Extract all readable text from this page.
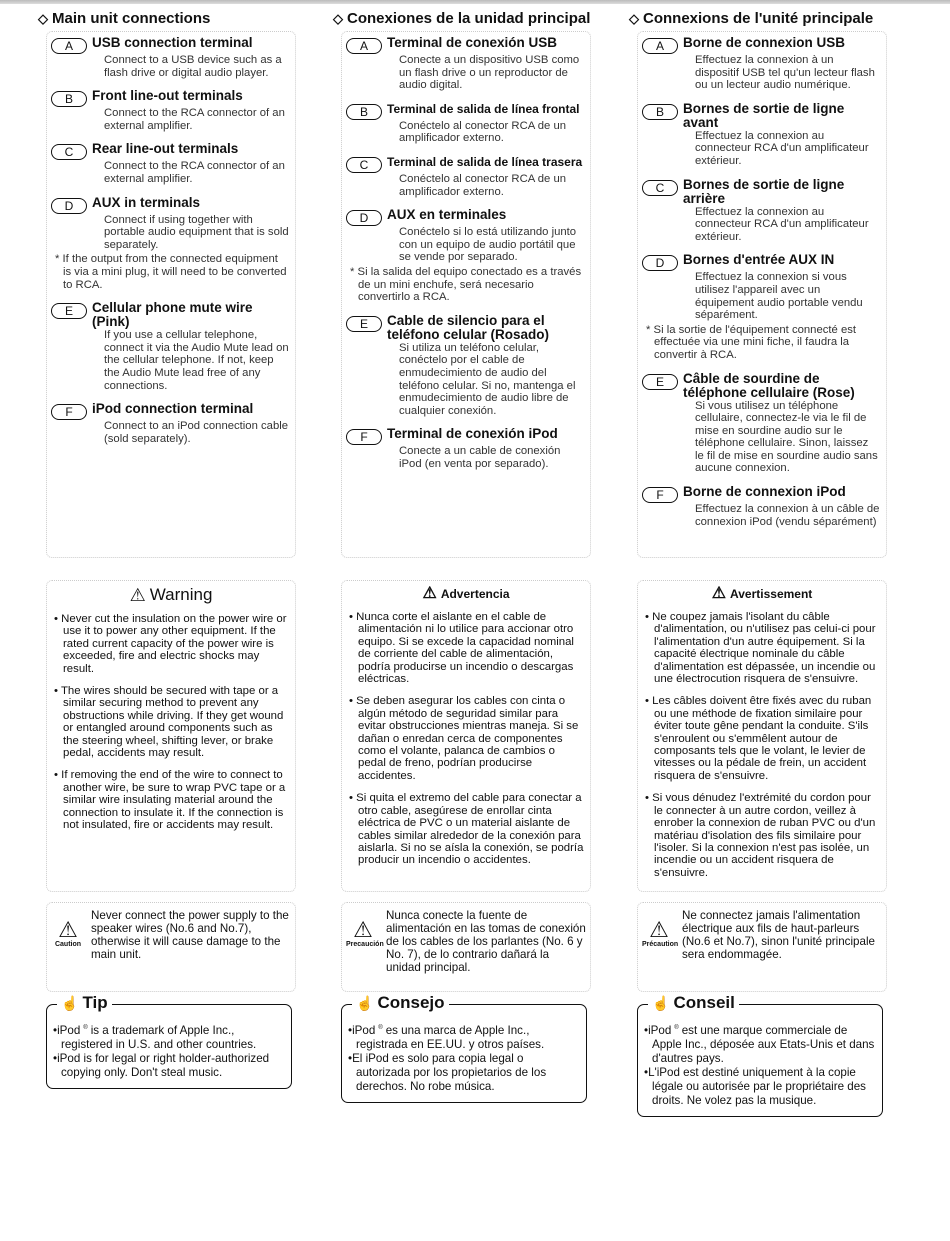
◇ Main unit connections
A	USB connection terminal
Connect to a USB device such as a flash drive or digital audio player.
B	Front line-out terminals
Connect to the RCA connector of an external amplifier.
C	Rear line-out terminals
Connect to the RCA connector of an external amplifier.
D	AUX in terminals
Connect if using together with portable audio equipment that is sold separately.
* If the output from the connected equipment is via a mini plug, it will need to be converted to RCA.
E	Cellular phone mute wire (Pink)
If you use a cellular telephone, connect it via the Audio Mute lead on the cellular telephone. If not, keep the Audio Mute lead free of any connections.
F	iPod connection terminal
Connect to an iPod connection cable (sold separately).
⚠ Warning
• Never cut the insulation on the power wire or use it to power any other equipment. If the rated current capacity of the power wire is exceeded, fire and electric shocks may result.
• The wires should be secured with tape or a similar securing method to prevent any obstructions while driving. If they get wound or entangled around components such as the steering wheel, shifting lever, or brake pedal, accidents may result.
• If removing the end of the wire to connect to another wire, be sure to wrap PVC tape or a similar wire insulating material around the connection to insulate it. If the connection is not insulated, fire or accidents may result.
⚠
Caution
Never connect the power supply to the speaker wires (No.6 and No.7), otherwise it will cause damage to the main unit.
☝ Tip
•iPod ® is a trademark of Apple Inc., registered in U.S. and other countries.
•iPod is for legal or right holder-authorized copying only. Don't steal music.
◇ Conexiones de la unidad principal
A	Terminal de conexión USB
Conecte a un dispositivo USB como un flash drive o un reproductor de audio digital.
B	Terminal de salida de línea frontal
Conéctelo al conector RCA de un amplificador externo.
C	Terminal de salida de línea trasera
Conéctelo al conector RCA de un amplificador externo.
D	AUX en terminales
Conéctelo si lo está utilizando junto con un equipo de audio portátil que se vende por separado.
* Si la salida del equipo conectado es a través de un mini enchufe, será necesario convertirlo a RCA.
E	Cable de silencio para el teléfono celular (Rosado)
Si utiliza un teléfono celular, conéctelo por el cable de enmudecimiento de audio del teléfono celular. Si no, mantenga el enmudecimiento de audio libre de cualquier conexión.
F	Terminal de conexión iPod
Conecte a un cable de conexión iPod (en venta por separado).
⚠ Advertencia
• Nunca corte el aislante en el cable de alimentación ni lo utilice para accionar otro equipo. Si se excede la capacidad nominal de corriente del cable de alimentación, podría producirse un incendio o descargas eléctricas.
• Se deben asegurar los cables con cinta o algún método de seguridad similar para evitar obstrucciones mientras maneja. Si se dañan o enredan cerca de componentes como el volante, palanca de cambios o pedal de freno, podrían producirse accidentes.
• Si quita el extremo del cable para conectar a otro cable, asegúrese de enrollar cinta eléctrica de PVC o un material aislante de cables similar alrededor de la conexión para aislarla. Si no se aísla la conexión, se podría producir un incendio o accidentes.
⚠
Precaución
Nunca conecte la fuente de alimentación en las tomas de conexión de los cables de los parlantes (No. 6 y No. 7), de lo contrario dañará la unidad principal.
☝ Consejo
•iPod ® es una marca de Apple Inc., registrada en EE.UU. y otros países.
•El iPod es solo para copia legal o autorizada por los propietarios de los derechos. No robe música.
◇ Connexions de l'unité principale
A	Borne de connexion USB
Effectuez la connexion à un dispositif USB tel qu'un lecteur flash ou un lecteur audio numérique.
B	Bornes de sortie de ligne avant
Effectuez la connexion au connecteur RCA d'un amplificateur extérieur.
C	Bornes de sortie de ligne arrière
Effectuez la connexion au connecteur RCA d'un amplificateur extérieur.
D	Bornes d'entrée AUX IN
Effectuez la connexion si vous utilisez l'appareil avec un équipement audio portable vendu séparément.
* Si la sortie de l'équipement connecté est effectuée via une mini fiche, il faudra la convertir à RCA.
E	Câble de sourdine de téléphone cellulaire (Rose)
Si vous utilisez un téléphone cellulaire, connectez-le via le fil de mise en sourdine audio sur le téléphone cellulaire. Sinon, laissez le fil de mise en sourdine audio sans aucune connexion.
F	Borne de connexion iPod
Effectuez la connexion à un câble de connexion iPod (vendu séparément)
⚠ Avertissement
• Ne coupez jamais l'isolant du câble d'alimentation, ou n'utilisez pas celui-ci pour l'alimentation d'un autre équipement. Si la capacité électrique nominale du câble d'alimentation est dépassée, un incendie ou une électrocution risquera de s'ensuivre.
• Les câbles doivent être fixés avec du ruban ou une méthode de fixation similaire pour éviter toute gêne pendant la conduite. S'ils s'enroulent ou s'emmêlent autour de composants tels que le volant, le levier de vitesses ou la pédale de frein, un accident risquera de s'ensuivre.
• Si vous dénudez l'extrémité du cordon pour le connecter à un autre cordon, veillez à enrober la connexion de ruban PVC ou d'un matériau d'isolation des fils similaire pour l'isoler. Si la connexion n'est pas isolée, un incendie ou un accident risquera de s'ensuivre.
⚠
Précaution
Ne connectez jamais l'alimentation électrique aux fils de haut-parleurs (No.6 et No.7), sinon l'unité principale sera endommagée.
☝ Conseil
•iPod ® est une marque commerciale de Apple Inc., déposée aux Etats-Unis et dans d'autres pays.
•L'iPod est destiné uniquement à la copie légale ou autorisée par le propriétaire des droits. Ne volez pas la musique.
